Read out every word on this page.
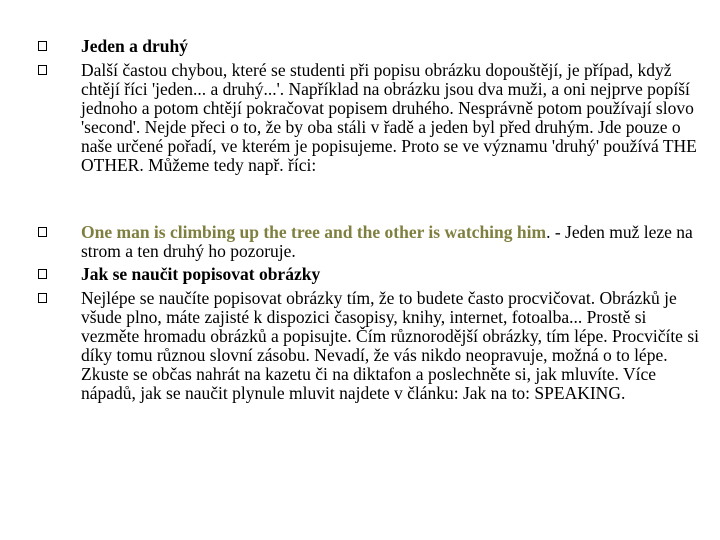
Jeden a druhý
Další častou chybou, které se studenti při popisu obrázku dopouštějí, je případ, když chtějí říci 'jeden... a druhý...'. Například na obrázku jsou dva muži, a oni nejprve popíší jednoho a potom chtějí pokračovat popisem druhého. Nesprávně potom používají slovo 'second'. Nejde přeci o to, že by oba stáli v řadě a jeden byl před druhým. Jde pouze o naše určené pořadí, ve kterém je popisujeme. Proto se ve významu 'druhý' používá THE OTHER. Můžeme tedy např. říci:
One man is climbing up the tree and the other is watching him. - Jeden muž leze na strom a ten druhý ho pozoruje.
Jak se naučit popisovat obrázky
Nejlépe se naučíte popisovat obrázky tím, že to budete často procvičovat. Obrázků je všude plno, máte zajisté k dispozici časopisy, knihy, internet, fotoalba... Prostě si vezměte hromadu obrázků a popisujte. Čím různorodější obrázky, tím lépe. Procvičíte si díky tomu různou slovní zásobu. Nevadí, že vás nikdo neopravuje, možná o to lépe. Zkuste se občas nahrát na kazetu či na diktafon a poslechněte si, jak mluvíte. Více nápadů, jak se naučit plynule mluvit najdete v článku: Jak na to: SPEAKING.
